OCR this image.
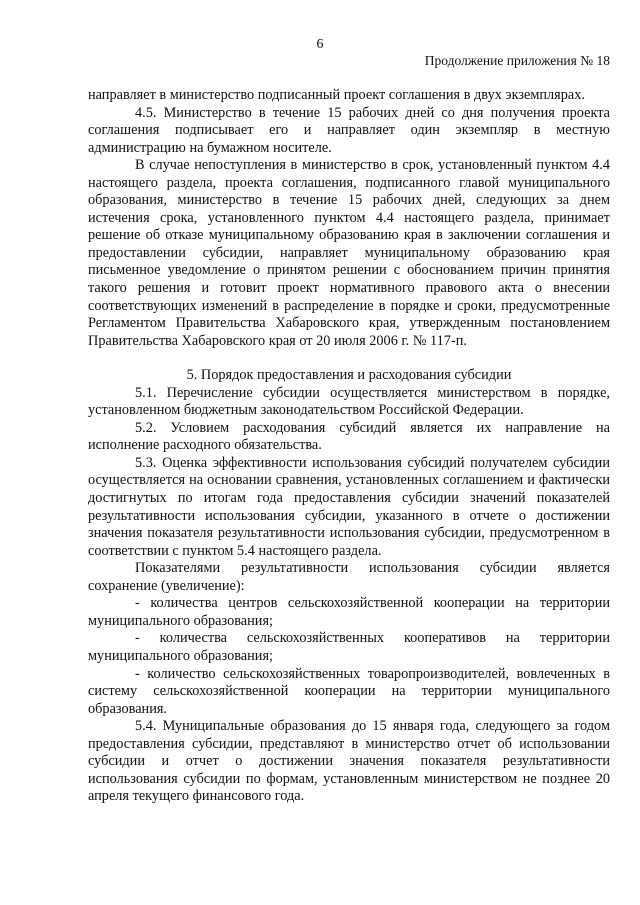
6
Продолжение приложения № 18

направляет в министерство подписанный проект соглашения в двух экземплярах.

4.5. Министерство в течение 15 рабочих дней со дня получения проекта соглашения подписывает его и направляет один экземпляр в местную администрацию на бумажном носителе.

В случае непоступления в министерство в срок, установленный пунктом 4.4 настоящего раздела, проекта соглашения, подписанного главой муниципального образования, министерство в течение 15 рабочих дней, следующих за днем истечения срока, установленного пунктом 4.4 настоящего раздела, принимает решение об отказе муниципальному образованию края в заключении соглашения и предоставлении субсидии, направляет муниципальному образованию края письменное уведомление о принятом решении с обоснованием причин принятия такого решения и готовит проект нормативного правового акта о внесении соответствующих изменений в распределение в порядке и сроки, предусмотренные Регламентом Правительства Хабаровского края, утвержденным постановлением Правительства Хабаровского края от 20 июля 2006 г. № 117-п.

5. Порядок предоставления и расходования субсидии

5.1. Перечисление субсидии осуществляется министерством в порядке, установленном бюджетным законодательством Российской Федерации.

5.2. Условием расходования субсидий является их направление на исполнение расходного обязательства.

5.3. Оценка эффективности использования субсидий получателем субсидии осуществляется на основании сравнения, установленных соглашением и фактически достигнутых по итогам года предоставления субсидии значений показателей результативности использования субсидии, указанного в отчете о достижении значения показателя результативности использования субсидии, предусмотренном в соответствии с пунктом 5.4 настоящего раздела.

Показателями результативности использования субсидии является сохранение (увеличение):

- количества центров сельскохозяйственной кооперации на территории муниципального образования;

- количества сельскохозяйственных кооперативов на территории муниципального образования;

- количество сельскохозяйственных товаропроизводителей, вовлеченных в систему сельскохозяйственной кооперации на территории муниципального образования.

5.4. Муниципальные образования до 15 января года, следующего за годом предоставления субсидии, представляют в министерство отчет об использовании субсидии и отчет о достижении значения показателя результативности использования субсидии по формам, установленным министерством не позднее 20 апреля текущего финансового года.
